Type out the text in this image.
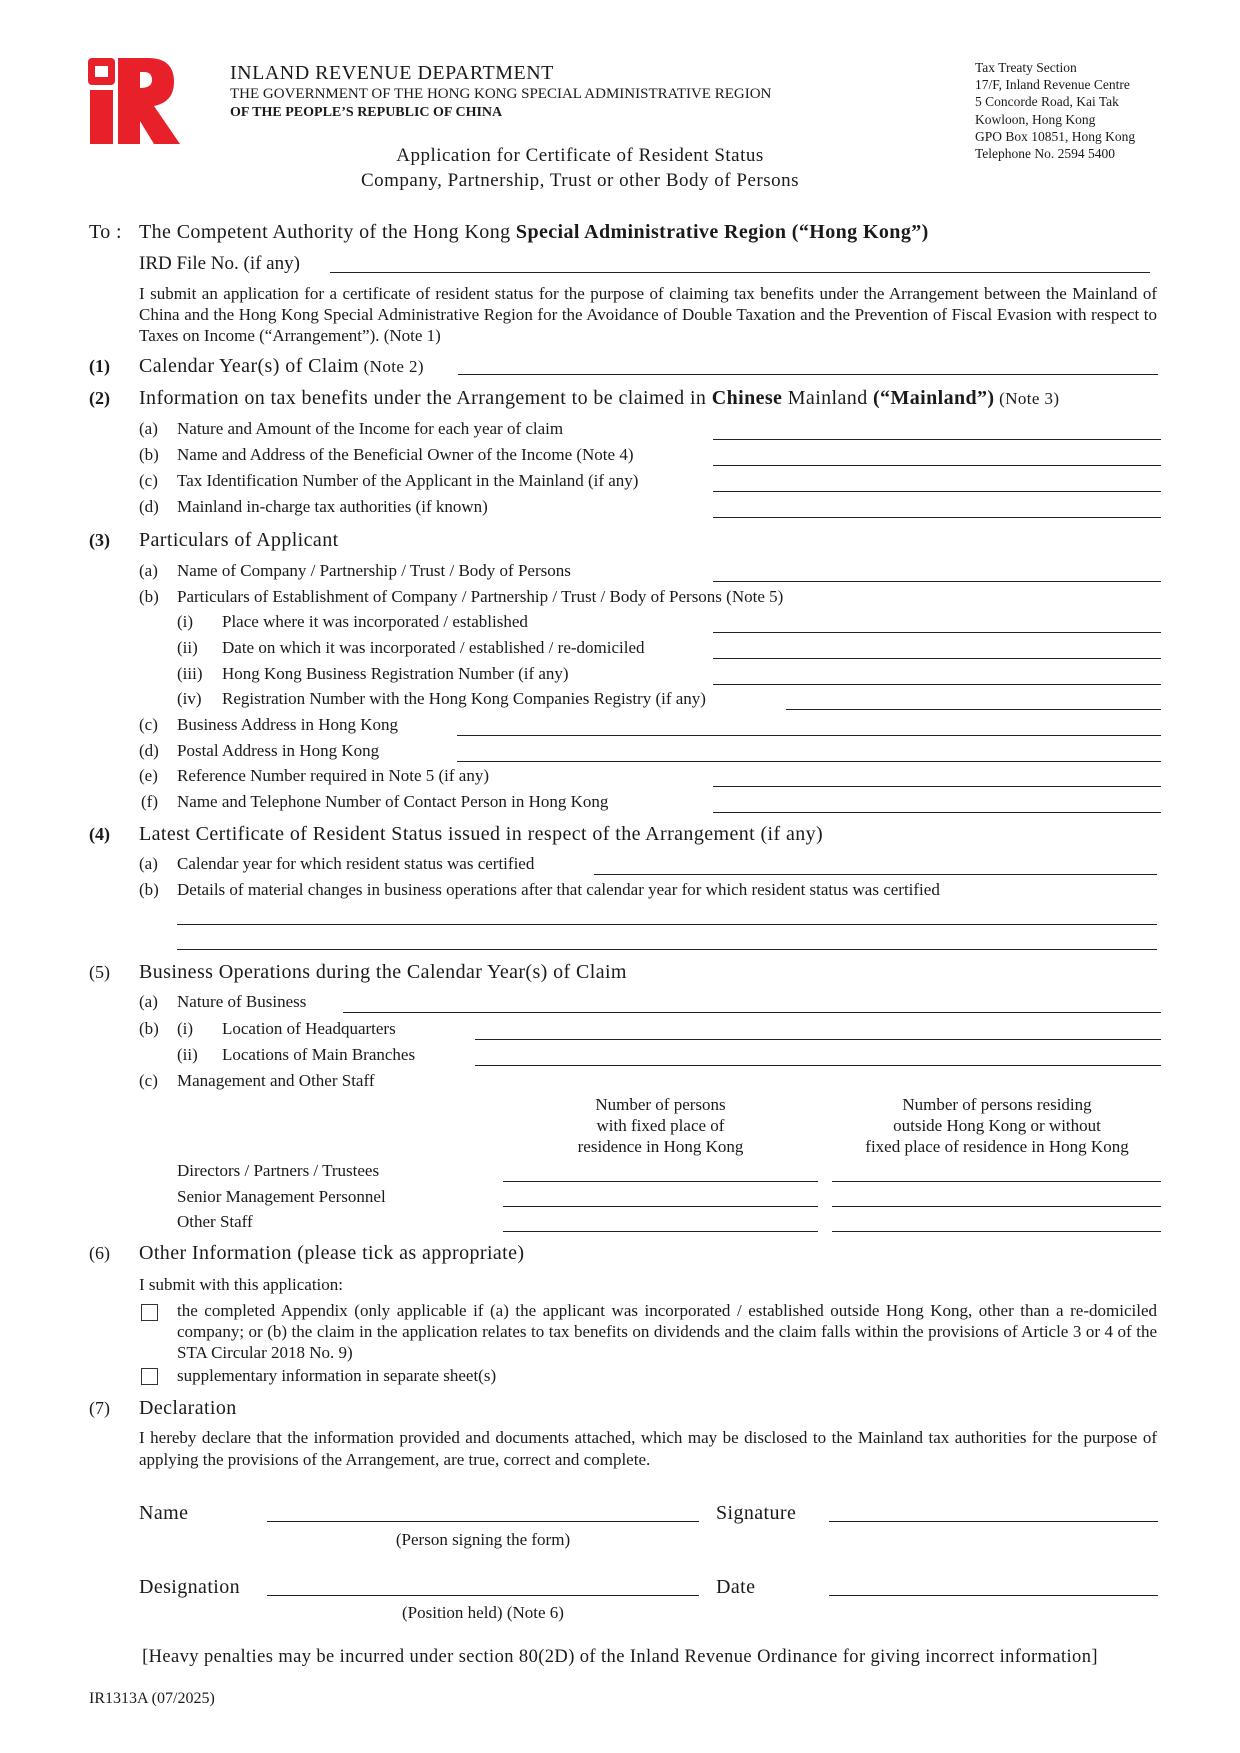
INLAND REVENUE DEPARTMENT
THE GOVERNMENT OF THE HONG KONG SPECIAL ADMINISTRATIVE REGION
OF THE PEOPLE’S REPUBLIC OF CHINA
Tax Treaty Section
17/F, Inland Revenue Centre
5 Concorde Road, Kai Tak
Kowloon, Hong Kong
GPO Box 10851, Hong Kong
Telephone No. 2594 5400
Application for Certificate of Resident Status
Company, Partnership, Trust or other Body of Persons
To : The Competent Authority of the Hong Kong Special Administrative Region (“Hong Kong”)
IRD File No. (if any)
I submit an application for a certificate of resident status for the purpose of claiming tax benefits under the Arrangement between the Mainland of China and the Hong Kong Special Administrative Region for the Avoidance of Double Taxation and the Prevention of Fiscal Evasion with respect to Taxes on Income (“Arrangement”). (Note 1)
(1) Calendar Year(s) of Claim (Note 2)
(2) Information on tax benefits under the Arrangement to be claimed in Chinese Mainland (“Mainland”) (Note 3)
(a) Nature and Amount of the Income for each year of claim
(b) Name and Address of the Beneficial Owner of the Income (Note 4)
(c) Tax Identification Number of the Applicant in the Mainland (if any)
(d) Mainland in-charge tax authorities (if known)
(3) Particulars of Applicant
(a) Name of Company / Partnership / Trust / Body of Persons
(b) Particulars of Establishment of Company / Partnership / Trust / Body of Persons (Note 5)
(i) Place where it was incorporated / established
(ii) Date on which it was incorporated / established / re-domiciled
(iii) Hong Kong Business Registration Number (if any)
(iv) Registration Number with the Hong Kong Companies Registry (if any)
(c) Business Address in Hong Kong
(d) Postal Address in Hong Kong
(e) Reference Number required in Note 5 (if any)
(f) Name and Telephone Number of Contact Person in Hong Kong
(4) Latest Certificate of Resident Status issued in respect of the Arrangement (if any)
(a) Calendar year for which resident status was certified
(b) Details of material changes in business operations after that calendar year for which resident status was certified
(5) Business Operations during the Calendar Year(s) of Claim
(a) Nature of Business
(b) (i) Location of Headquarters
(ii) Locations of Main Branches
(c) Management and Other Staff
Number of persons
with fixed place of
residence in Hong Kong
Number of persons residing
outside Hong Kong or without
fixed place of residence in Hong Kong
Directors / Partners / Trustees
Senior Management Personnel
Other Staff
(6) Other Information (please tick as appropriate)
I submit with this application:
the completed Appendix (only applicable if (a) the applicant was incorporated / established outside Hong Kong, other than a re-domiciled company; or (b) the claim in the application relates to tax benefits on dividends and the claim falls within the provisions of Article 3 or 4 of the STA Circular 2018 No. 9)
supplementary information in separate sheet(s)
(7) Declaration
I hereby declare that the information provided and documents attached, which may be disclosed to the Mainland tax authorities for the purpose of applying the provisions of the Arrangement, are true, correct and complete.
Name
(Person signing the form)
Signature
Designation
(Position held) (Note 6)
Date
[Heavy penalties may be incurred under section 80(2D) of the Inland Revenue Ordinance for giving incorrect information]
IR1313A (07/2025)
